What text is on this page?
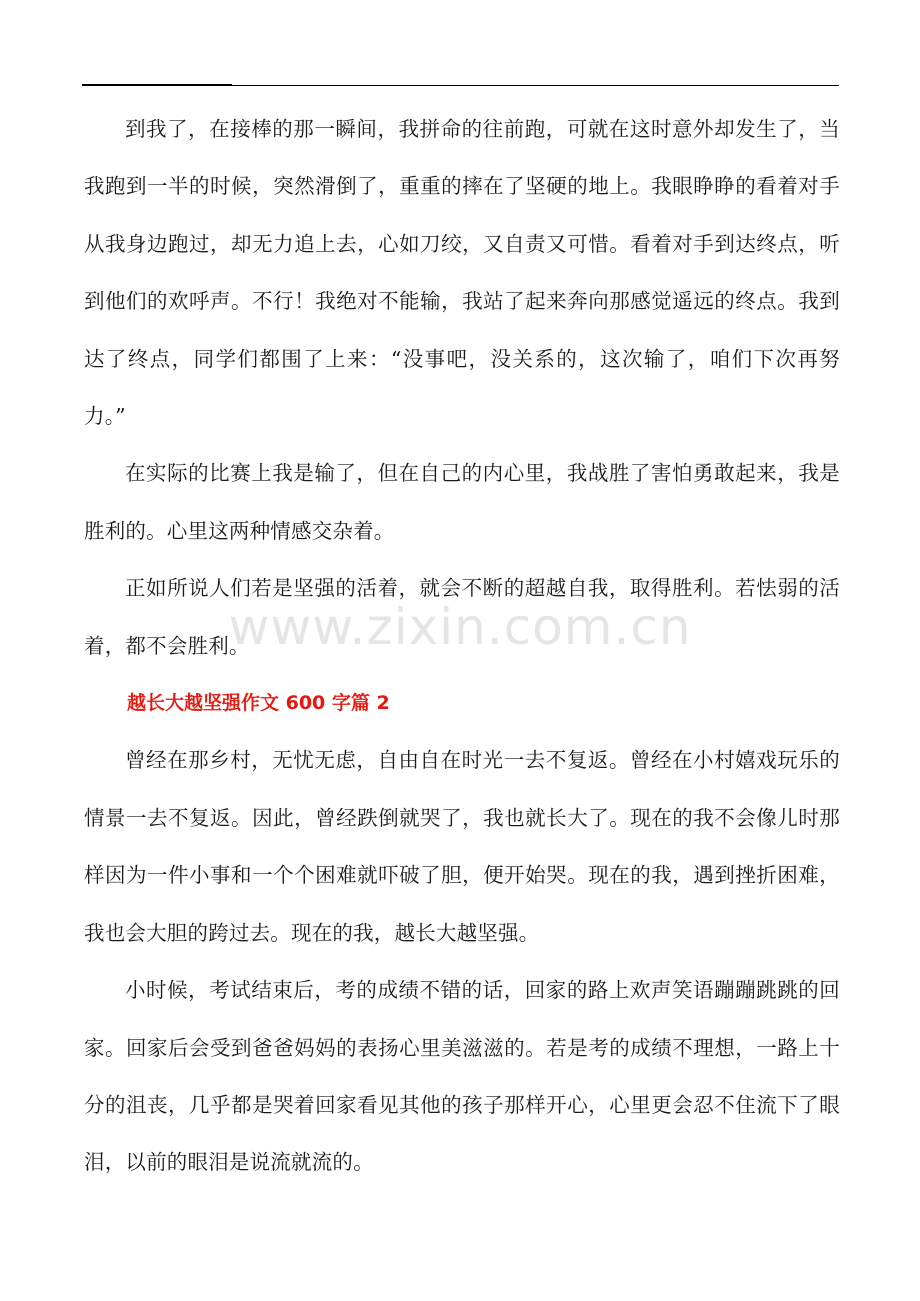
到我了，在接棒的那一瞬间，我拼命的往前跑，可就在这时意外却发生了，当我跑到一半的时候，突然滑倒了，重重的摔在了坚硬的地上。我眼睁睁的看着对手从我身边跑过，却无力追上去，心如刀绞，又自责又可惜。看着对手到达终点，听到他们的欢呼声。不行！我绝对不能输，我站了起来奔向那感觉遥远的终点。我到达了终点，同学们都围了上来：“没事吧，没关系的，这次输了，咱们下次再努力。”

在实际的比赛上我是输了，但在自己的内心里，我战胜了害怕勇敢起来，我是胜利的。心里这两种情感交杂着。

正如所说人们若是坚强的活着，就会不断的超越自我，取得胜利。若怯弱的活着，都不会胜利。

越长大越坚强作文 600 字篇 2

曾经在那乡村，无忧无虑，自由自在时光一去不复返。曾经在小村嬉戏玩乐的情景一去不复返。因此，曾经跌倒就哭了，我也就长大了。现在的我不会像儿时那样因为一件小事和一个个困难就吓破了胆，便开始哭。现在的我，遇到挫折困难，我也会大胆的跨过去。现在的我，越长大越坚强。

小时候，考试结束后，考的成绩不错的话，回家的路上欢声笑语蹦蹦跳跳的回家。回家后会受到爸爸妈妈的表扬心里美滋滋的。若是考的成绩不理想，一路上十分的沮丧，几乎都是哭着回家看见其他的孩子那样开心，心里更会忍不住流下了眼泪，以前的眼泪是说流就流的。

www.zixin.com.cn
